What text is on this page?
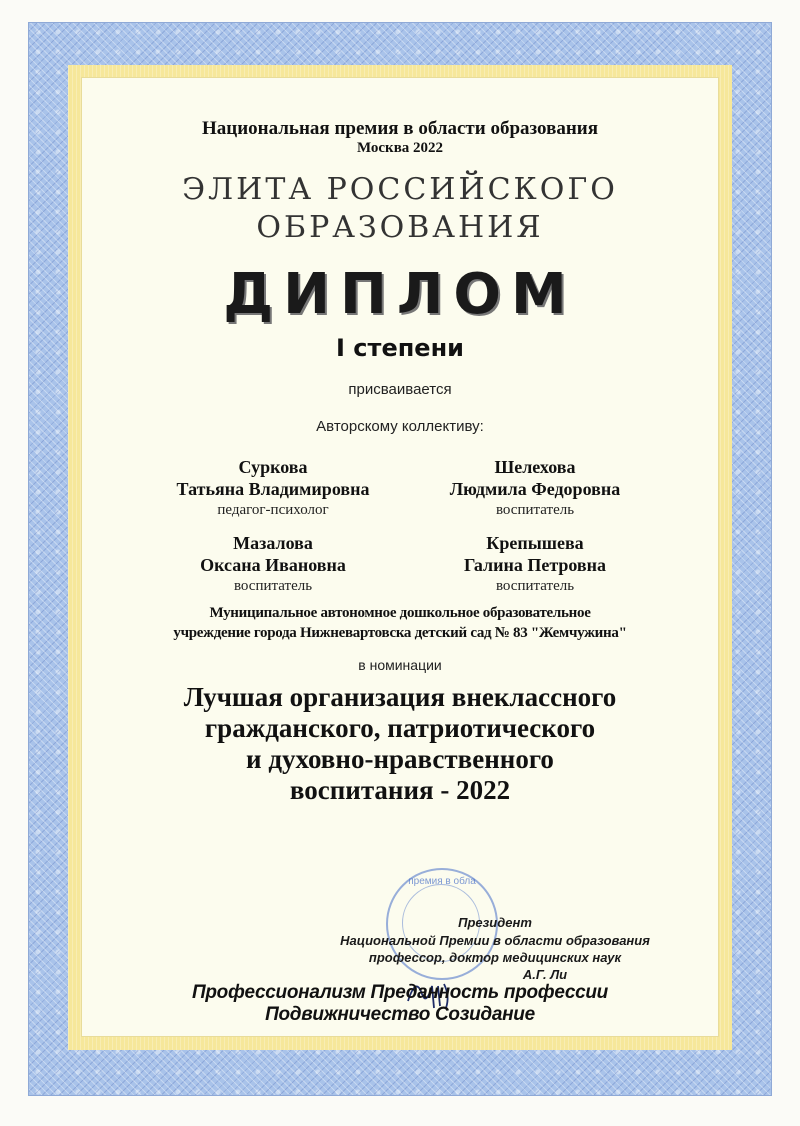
Национальная премия в области образования
Москва 2022
ЭЛИТА РОССИЙСКОГО
ОБРАЗОВАНИЯ
ДИПЛОМ
I степени
присваивается
Авторскому коллективу:
Суркова
Татьяна Владимировна
педагог-психолог
Шелехова
Людмила Федоровна
воспитатель
Мазалова
Оксана Ивановна
воспитатель
Крепышева
Галина Петровна
воспитатель
Муниципальное автономное дошкольное образовательное
учреждение города Нижневартовска детский сад № 83 "Жемчужина"
в номинации
Лучшая организация внеклассного
гражданского, патриотического
и духовно-нравственного
воспитания - 2022
премия в обла
Президент
Национальной Премии в области образования
профессор, доктор медицинских наук
А.Г. Ли
Профессионализм Преданность профессии
Подвижничество Созидание
